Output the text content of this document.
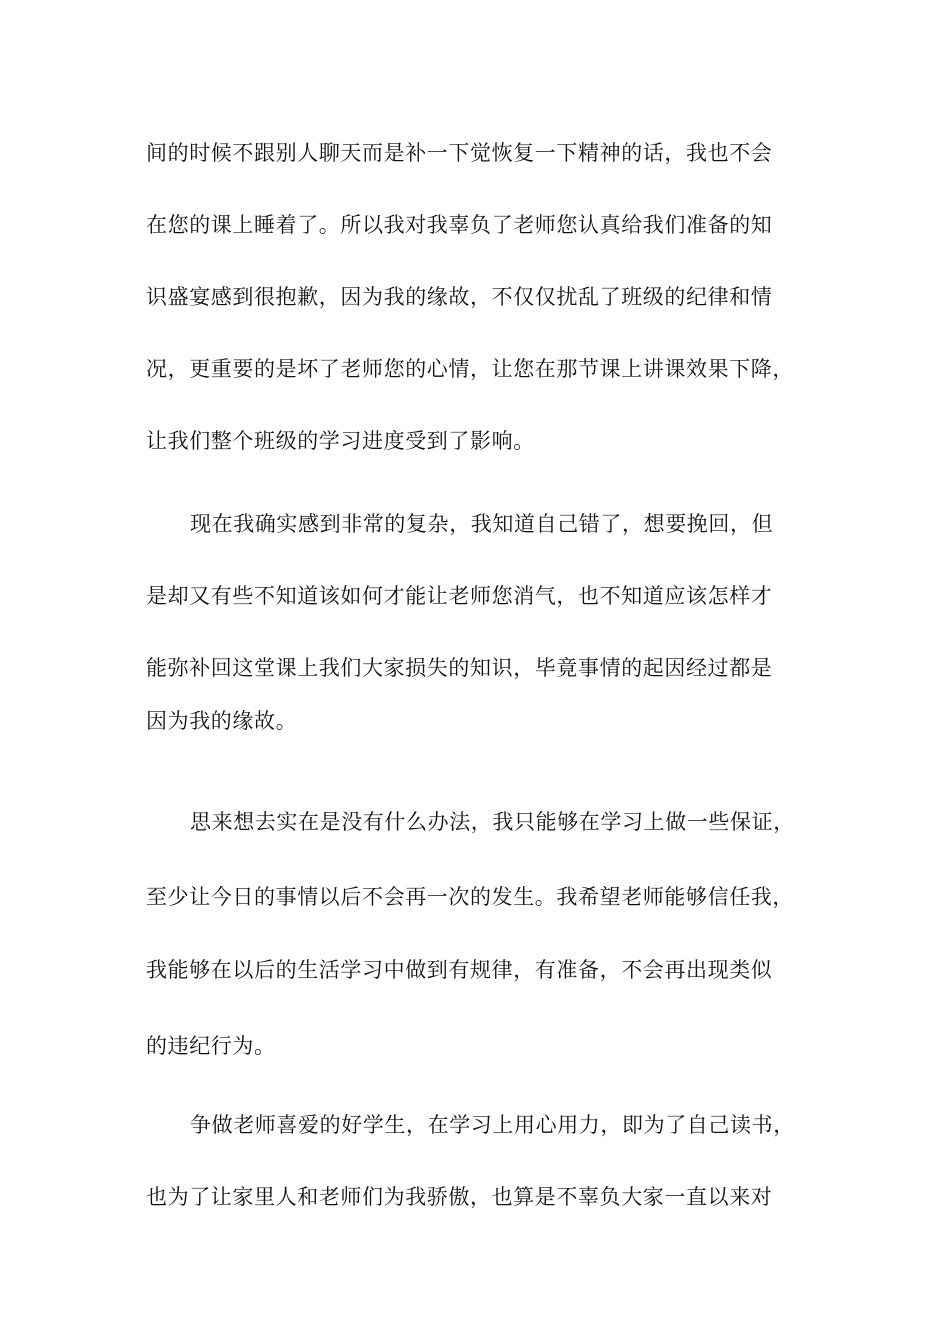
间的时候不跟别人聊天而是补一下觉恢复一下精神的话，我也不会
在您的课上睡着了。所以我对我辜负了老师您认真给我们准备的知
识盛宴感到很抱歉，因为我的缘故，不仅仅扰乱了班级的纪律和情
况，更重要的是坏了老师您的心情，让您在那节课上讲课效果下降，
让我们整个班级的学习进度受到了影响。
现在我确实感到非常的复杂，我知道自己错了，想要挽回，但
是却又有些不知道该如何才能让老师您消气，也不知道应该怎样才
能弥补回这堂课上我们大家损失的知识，毕竟事情的起因经过都是
因为我的缘故。
思来想去实在是没有什么办法，我只能够在学习上做一些保证，
至少让今日的事情以后不会再一次的发生。我希望老师能够信任我，
我能够在以后的生活学习中做到有规律，有准备，不会再出现类似
的违纪行为。
争做老师喜爱的好学生，在学习上用心用力，即为了自己读书，
也为了让家里人和老师们为我骄傲，也算是不辜负大家一直以来对
